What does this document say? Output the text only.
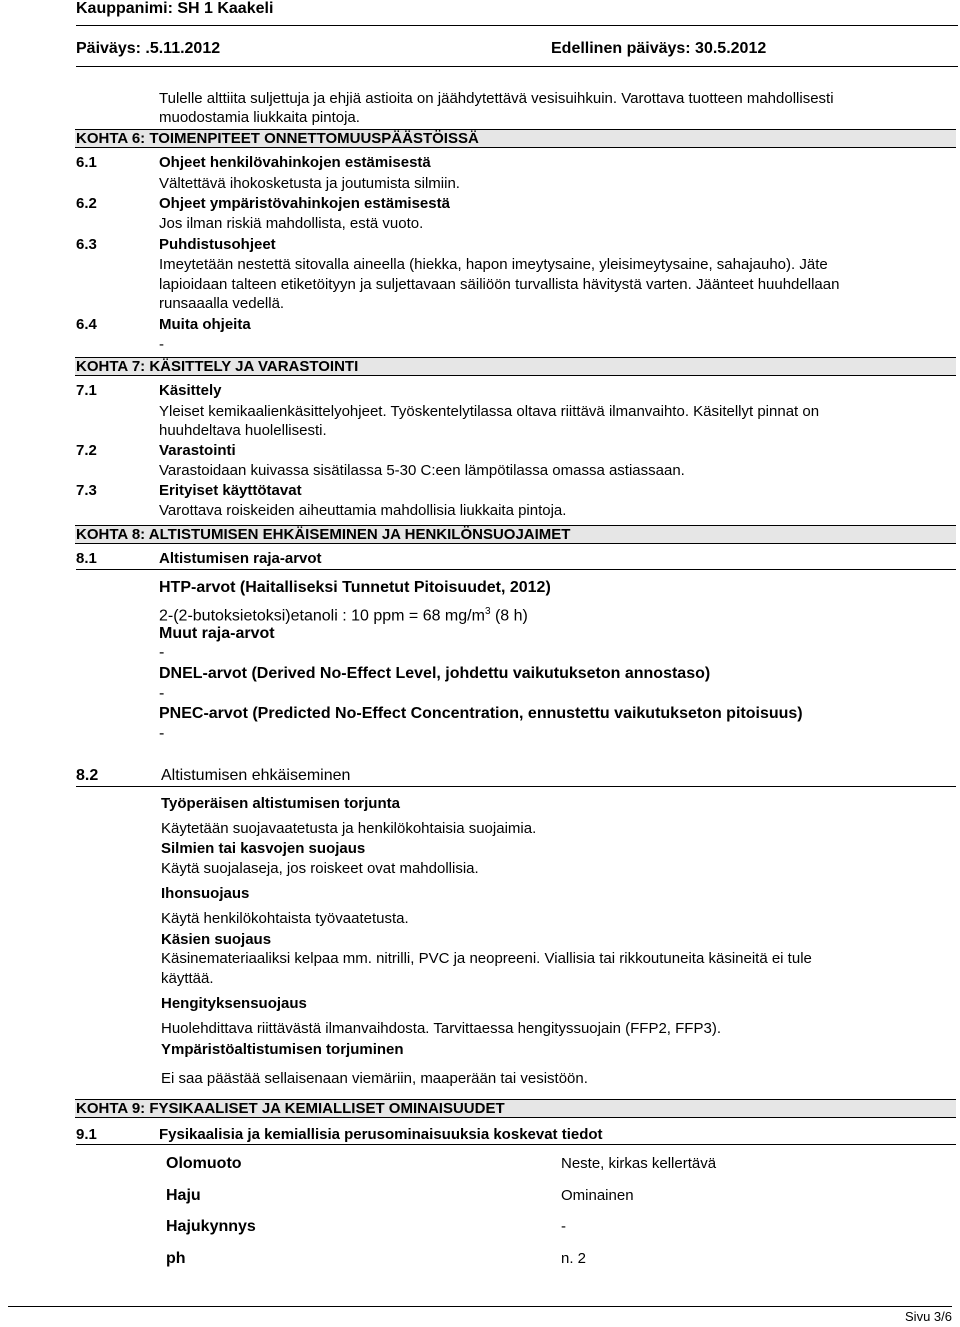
Kauppanimi: SH 1 Kaakeli
Päiväys: .5.11.2012	Edellinen päiväys: 30.5.2012
Tulelle alttiita suljettuja ja ehjiä astioita on jäähdytettävä vesisuihkuin. Varottava tuotteen mahdollisesti
muodostamia liukkaita pintoja.
KOHTA 6: TOIMENPITEET ONNETTOMUUSPÄÄSTÖISSÄ
6.1	Ohjeet henkilövahinkojen estämisestä
Vältettävä ihokosketusta ja joutumista silmiin.
6.2	Ohjeet ympäristövahinkojen estämisestä
Jos ilman riskiä mahdollista, estä vuoto.
6.3	Puhdistusohjeet
Imeytetään nestettä sitovalla aineella (hiekka, hapon imeytysaine, yleisimeytysaine, sahajauho). Jäte
lapioidaan talteen etiketöityyn ja suljettavaan säiliöön turvallista hävitystä varten. Jäänteet huuhdellaan
runsaaalla vedellä.
6.4	Muita ohjeita
-
KOHTA 7: KÄSITTELY JA VARASTOINTI
7.1	Käsittely
Yleiset kemikaalienkäsittelyohjeet. Työskentelytilassa oltava riittävä ilmanvaihto. Käsitellyt pinnat on
huuhdeltava huolellisesti.
7.2	Varastointi
Varastoidaan kuivassa sisätilassa 5-30 C:een lämpötilassa omassa astiassaan.
7.3	Erityiset käyttötavat
Varottava roiskeiden aiheuttamia mahdollisia liukkaita pintoja.
KOHTA 8: ALTISTUMISEN EHKÄISEMINEN JA HENKILÖNSUOJAIMET
8.1	Altistumisen raja-arvot
HTP-arvot (Haitalliseksi Tunnetut Pitoisuudet, 2012)
2-(2-butoksietoksi)etanoli : 10 ppm = 68 $mg/m^3$ (8 h)
Muut raja-arvot
-
DNEL-arvot (Derived No-Effect Level, johdettu vaikutukseton annostaso)
-
PNEC-arvot (Predicted No-Effect Concentration, ennustettu vaikutukseton pitoisuus)
-
8.2	Altistumisen ehkäiseminen
Työperäisen altistumisen torjunta
Käytetään suojavaatetusta ja henkilökohtaisia suojaimia.
Silmien tai kasvojen suojaus
Käytä suojalaseja, jos roiskeet ovat mahdollisia.
Ihonsuojaus
Käytä henkilökohtaista työvaatetusta.
Käsien suojaus
Käsinemateriaaliksi kelpaa mm. nitrilli, PVC ja neopreeni. Viallisia tai rikkoutuneita käsineitä ei tule
käyttää.
Hengityksensuojaus
Huolehdittava riittävästä ilmanvaihdosta. Tarvittaessa hengityssuojain (FFP2, FFP3).
Ympäristöaltistumisen torjuminen
Ei saa päästää sellaisenaan viemäriin, maaperään tai vesistöön.
KOHTA 9: FYSIKAALISET JA KEMIALLISET OMINAISUUDET
9.1	Fysikaalisia ja kemiallisia perusominaisuuksia koskevat tiedot
Olomuoto	Neste, kirkas kellertävä
Haju	Ominainen
Hajukynnys	-
ph	n. 2
Sivu 3/6
